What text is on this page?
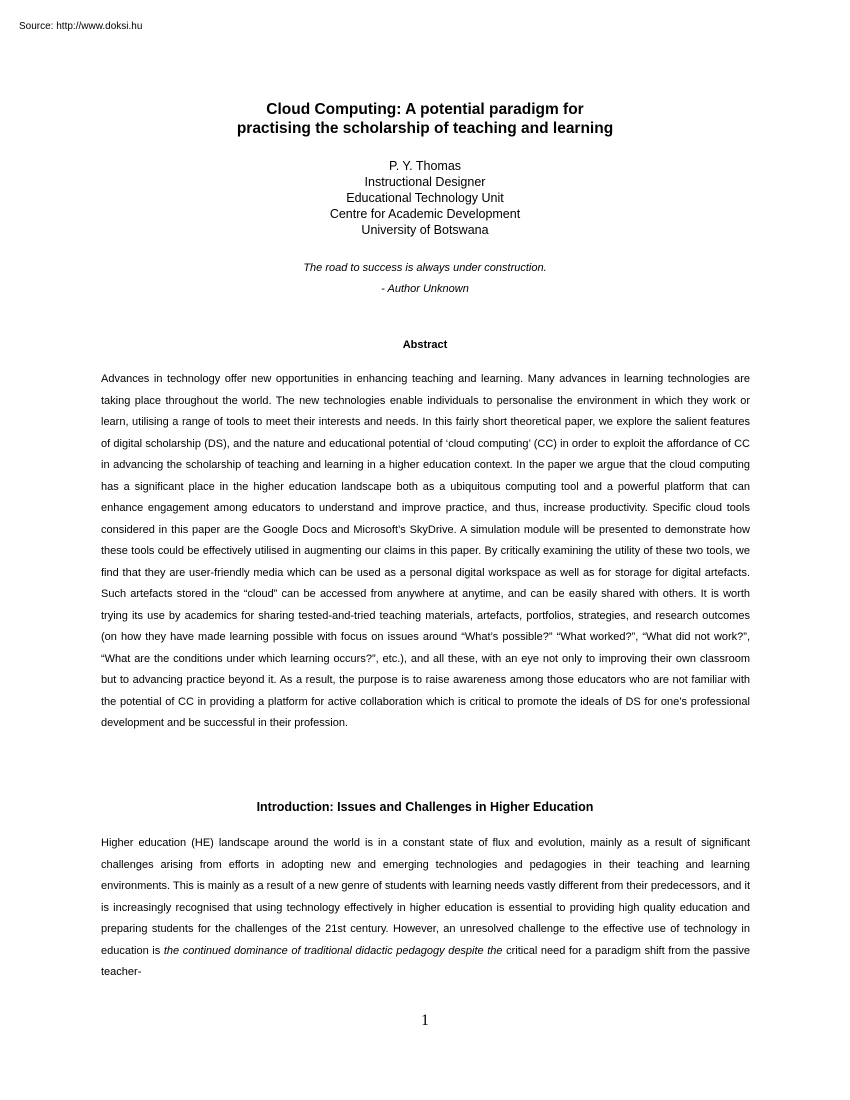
Source: http://www.doksi.hu
Cloud Computing: A potential paradigm for
practising the scholarship of teaching and learning
P. Y. Thomas
Instructional Designer
Educational Technology Unit
Centre for Academic Development
University of Botswana
The road to success is always under construction.
- Author Unknown
Abstract

Advances in technology offer new opportunities in enhancing teaching and learning. Many advances in learning technologies are taking place throughout the world. The new technologies enable individuals to personalise the environment in which they work or learn, utilising a range of tools to meet their interests and needs. In this fairly short theoretical paper, we explore the salient features of digital scholarship (DS), and the nature and educational potential of ‘cloud computing’ (CC) in order to exploit the affordance of CC in advancing the scholarship of teaching and learning in a higher education context. In the paper we argue that the cloud computing has a significant place in the higher education landscape both as a ubiquitous computing tool and a powerful platform that can enhance engagement among educators to understand and improve practice, and thus, increase productivity. Specific cloud tools considered in this paper are the Google Docs and Microsoft’s SkyDrive. A simulation module will be presented to demonstrate how these tools could be effectively utilised in augmenting our claims in this paper. By critically examining the utility of these two tools, we find that they are user-friendly media which can be used as a personal digital workspace as well as for storage for digital artefacts. Such artefacts stored in the “cloud” can be accessed from anywhere at anytime, and can be easily shared with others. It is worth trying its use by academics for sharing tested-and-tried teaching materials, artefacts, portfolios, strategies, and research outcomes (on how they have made learning possible with focus on issues around “What’s possible?” “What worked?”, “What did not work?”, “What are the conditions under which learning occurs?”, etc.), and all these, with an eye not only to improving their own classroom but to advancing practice beyond it. As a result, the purpose is to raise awareness among those educators who are not familiar with the potential of CC in providing a platform for active collaboration which is critical to promote the ideals of DS for one’s professional development and be successful in their profession.

Introduction: Issues and Challenges in Higher Education

Higher education (HE) landscape around the world is in a constant state of flux and evolution, mainly as a result of significant challenges arising from efforts in adopting new and emerging technologies and pedagogies in their teaching and learning environments. This is mainly as a result of a new genre of students with learning needs vastly different from their predecessors, and it is increasingly recognised that using technology effectively in higher education is essential to providing high quality education and preparing students for the challenges of the 21st century. However, an unresolved challenge to the effective use of technology in education is the continued dominance of traditional didactic pedagogy despite the critical need for a paradigm shift from the passive teacher-

1
